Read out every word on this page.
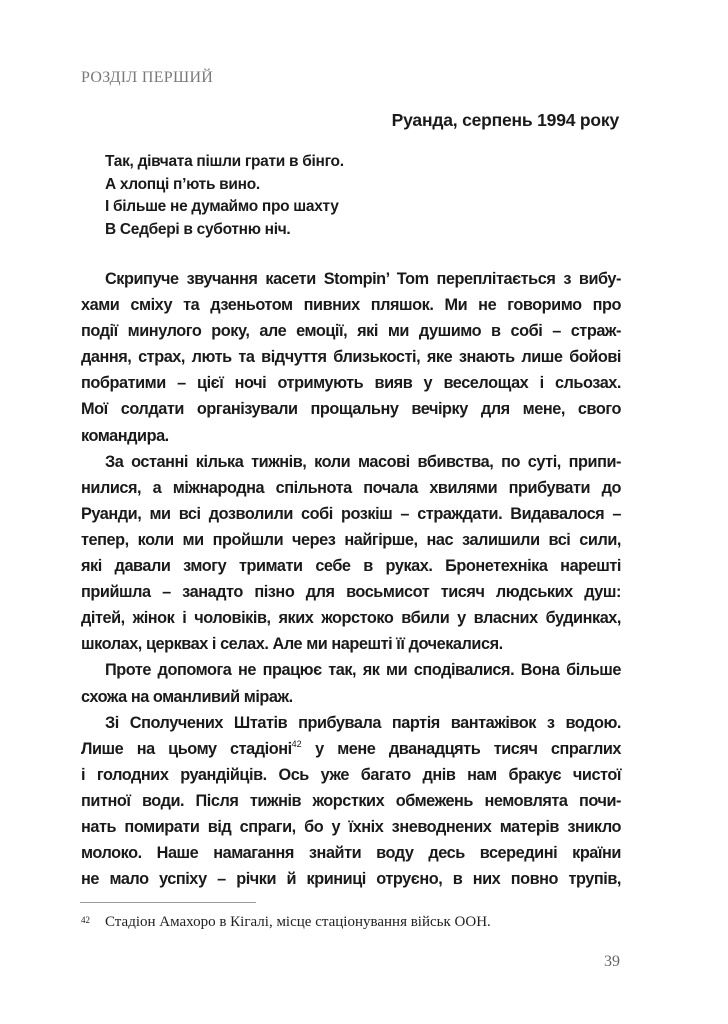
РОЗДІЛ ПЕРШИЙ
Руанда, серпень 1994 року
Так, дівчата пішли грати в бінго.
А хлопці п’ють вино.
І більше не думаймо про шахту
В Седбері в суботню ніч.
Скрипуче звучання касети Stompin’ Tom переплітається з вибу-
хами сміху та дзеньотом пивних пляшок. Ми не говоримо про
події минулого року, але емоції, які ми душимо в собі – страж-
дання, страх, лють та відчуття близькості, яке знають лише бойові
побратими – цієї ночі отримують вияв у веселощах і сльозах.
Мої солдати організували прощальну вечірку для мене, свого
командира.
За останні кілька тижнів, коли масові вбивства, по суті, припи-
нилися, а міжнародна спільнота почала хвилями прибувати до
Руанди, ми всі дозволили собі розкіш – страждати. Видавалося –
тепер, коли ми пройшли через найгірше, нас залишили всі сили,
які давали змогу тримати себе в руках. Бронетехніка нарешті
прийшла – занадто пізно для восьмисот тисяч людських душ:
дітей, жінок і чоловіків, яких жорстоко вбили у власних будинках,
школах, церквах і селах. Але ми нарешті її дочекалися.
Проте допомога не працює так, як ми сподівалися. Вона більше
схожа на оманливий міраж.
Зі Сполучених Штатів прибувала партія вантажівок з водою.
Лише на цьому стадіоні$^{42}$ у мене дванадцять тисяч спраглих
і голодних руандійців. Ось уже багато днів нам бракує чистої
питної води. Після тижнів жорстких обмежень немовлята почи-
нать помирати від спраги, бо у їхніх зневоднених матерів зникло
молоко. Наше намагання знайти воду десь всередині країни
не мало успіху – річки й криниці отруєно, в них повно трупів,
42 Стадіон Амахоро в Кігалі, місце стаціонування військ ООН.
39
